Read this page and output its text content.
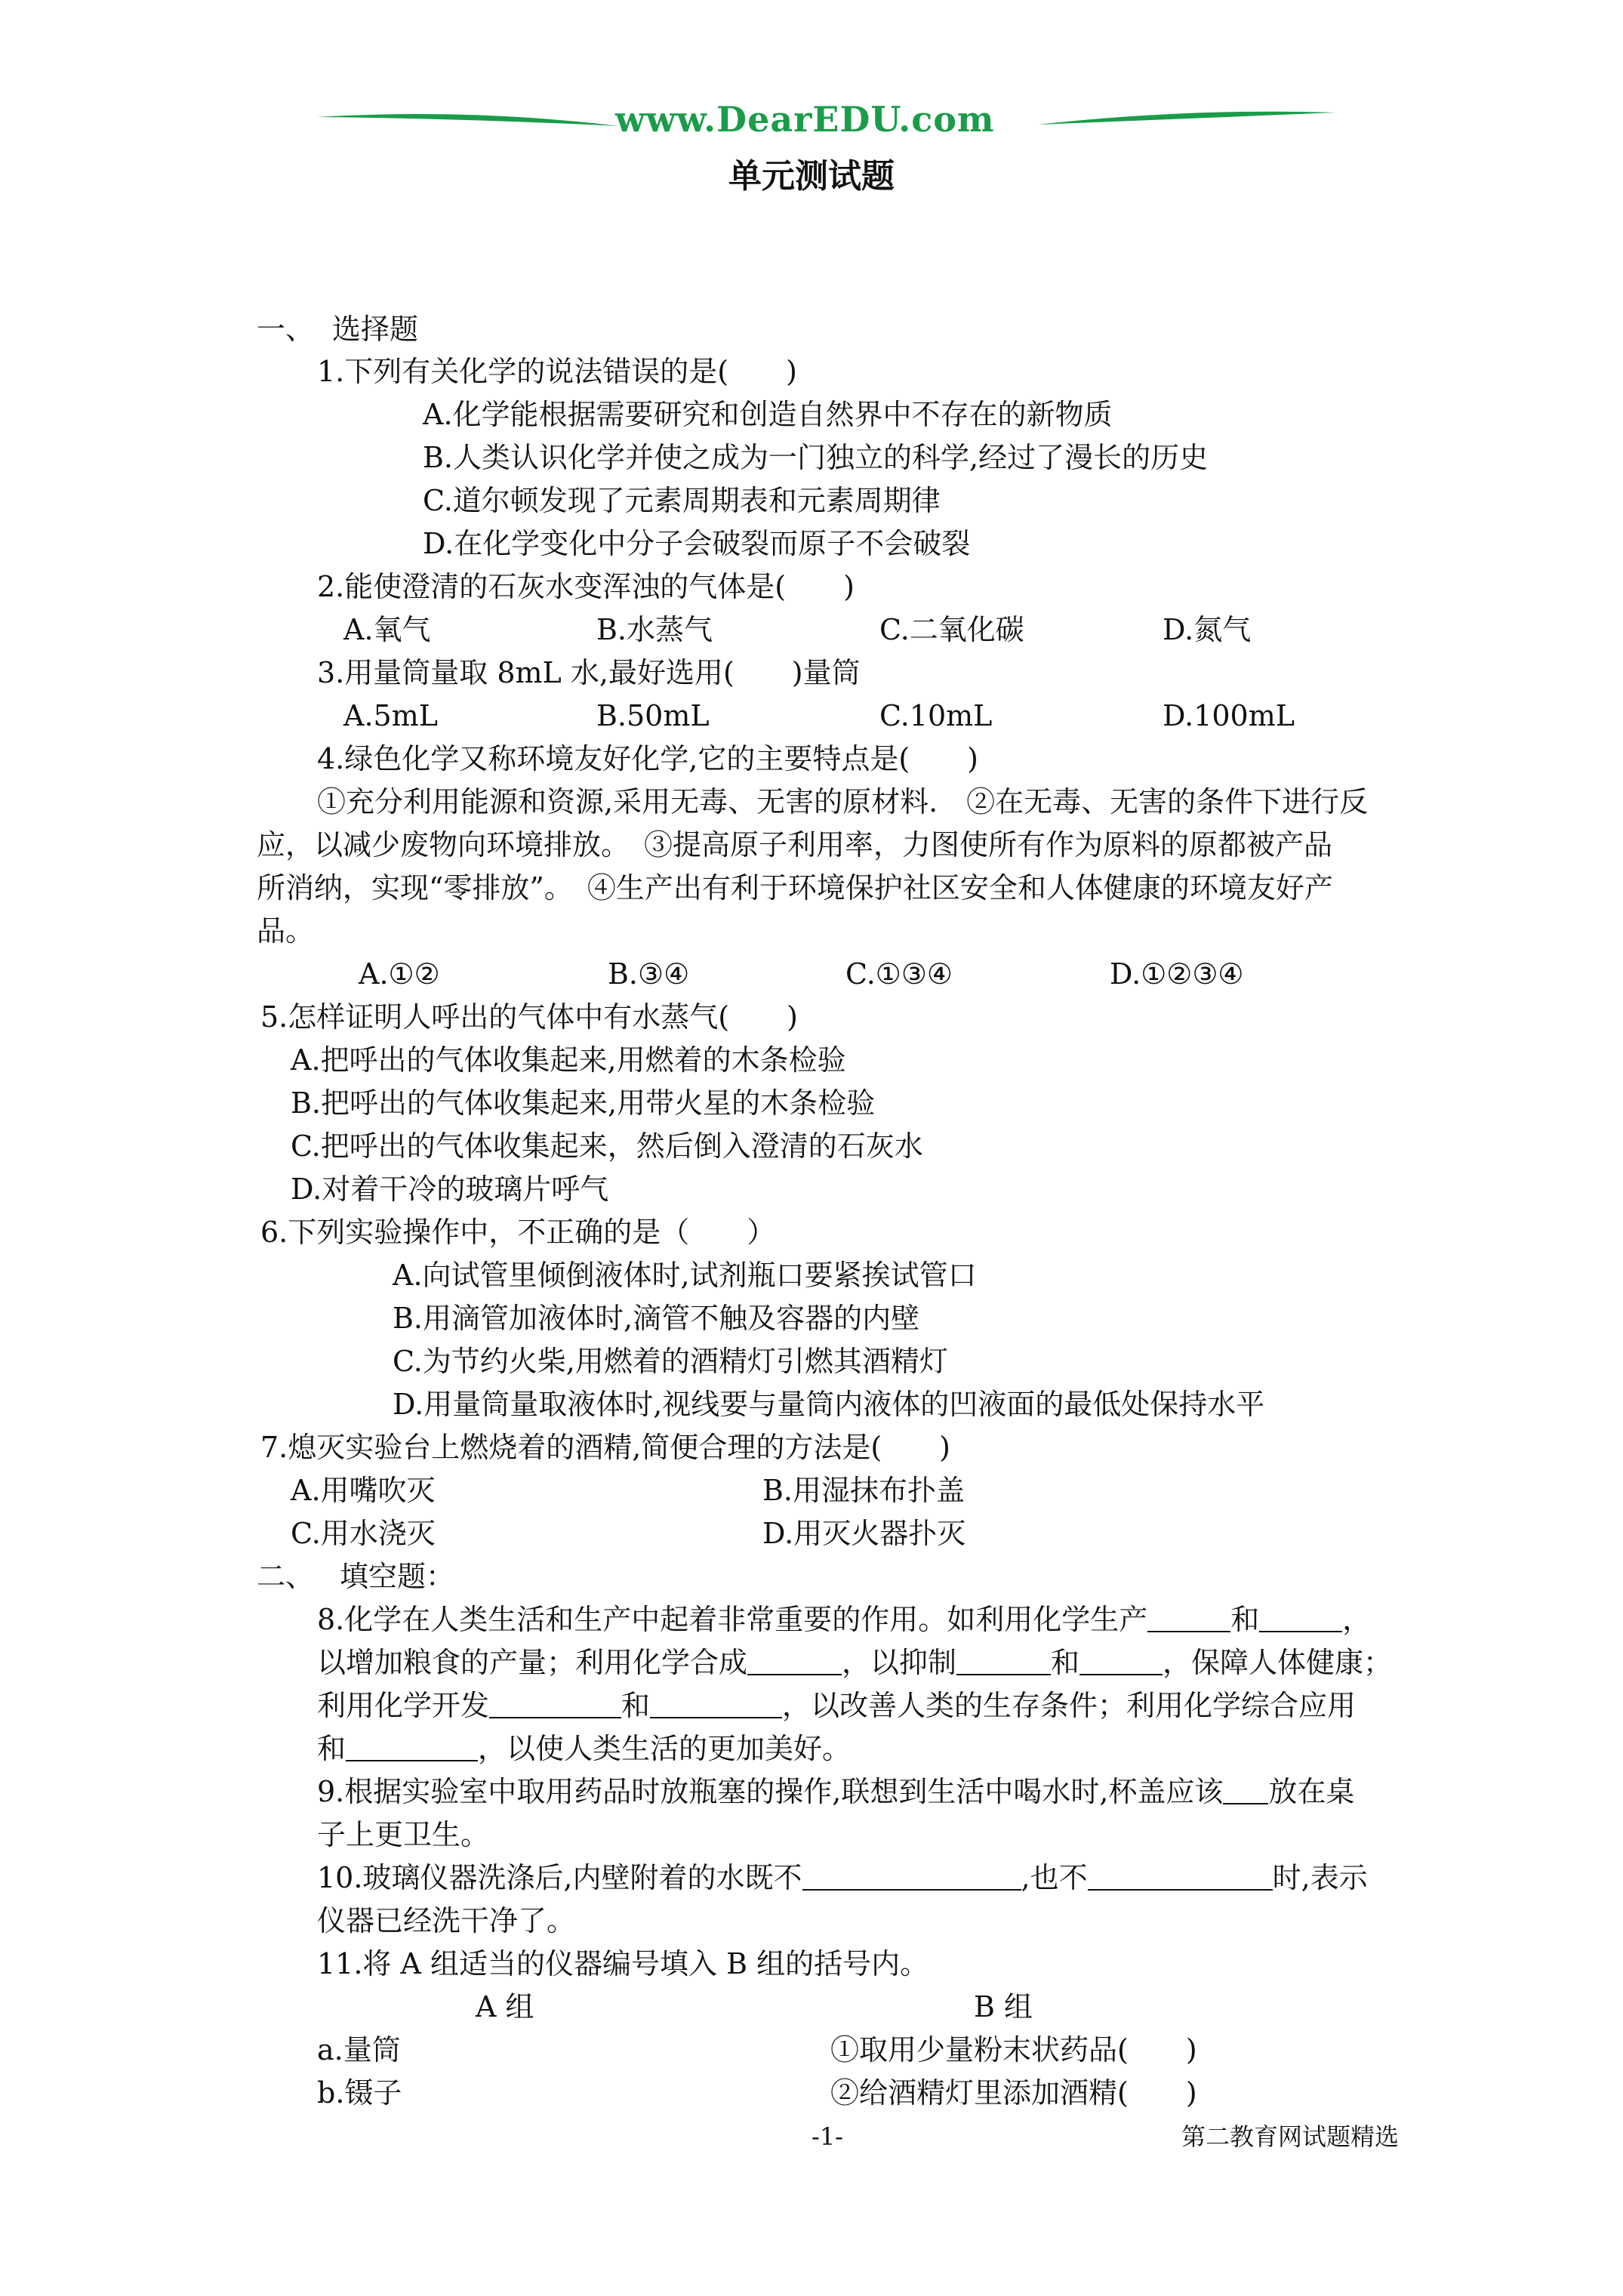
www.DearEDU.com
单元测试题
一、 选择题
1.下列有关化学的说法错误的是(　　)
A.化学能根据需要研究和创造自然界中不存在的新物质
B.人类认识化学并使之成为一门独立的科学,经过了漫长的历史
C.道尔顿发现了元素周期表和元素周期律
D.在化学变化中分子会破裂而原子不会破裂
2.能使澄清的石灰水变浑浊的气体是(　　)
A.氧气	B.水蒸气	C.二氧化碳	D.氮气
3.用量筒量取 8mL 水,最好选用(　　)量筒
A.5mL	B.50mL	C.10mL	D.100mL
4.绿色化学又称环境友好化学,它的主要特点是(　　)
①充分利用能源和资源,采用无毒、无害的原材料.　②在无毒、无害的条件下进行反
应，以减少废物向环境排放。　③提高原子利用率，力图使所有作为原料的原都被产品
所消纳，实现“零排放”。　④生产出有利于环境保护社区安全和人体健康的环境友好产
品。
A.①②	B.③④	C.①③④	D.①②③④
5.怎样证明人呼出的气体中有水蒸气(　　)
A.把呼出的气体收集起来,用燃着的木条检验
B.把呼出的气体收集起来,用带火星的木条检验
C.把呼出的气体收集起来，然后倒入澄清的石灰水
D.对着干冷的玻璃片呼气
6.下列实验操作中，不正确的是（　　）
A.向试管里倾倒液体时,试剂瓶口要紧挨试管口
B.用滴管加液体时,滴管不触及容器的内壁
C.为节约火柴,用燃着的酒精灯引燃其酒精灯
D.用量筒量取液体时,视线要与量筒内液体的凹液面的最低处保持水平
7.熄灭实验台上燃烧着的酒精,简便合理的方法是(　　)
A.用嘴吹灭	B.用湿抹布扑盖
C.用水浇灭	D.用灭火器扑灭
二、 填空题：
8.化学在人类生活和生产中起着非常重要的作用。如利用化学生产	和	，
以增加粮食的产量；利用化学合成	，以抑制	和	，保障人体健康；
利用化学开发	和	，以改善人类的生存条件；利用化学综合应用
和	，以使人类生活的更加美好。
9.根据实验室中取用药品时放瓶塞的操作,联想到生活中喝水时,杯盖应该 放在桌
子上更卫生。
10.玻璃仪器洗涤后,内壁附着的水既不	,也不	时,表示
仪器已经洗干净了。
11.将 A 组适当的仪器编号填入 B 组的括号内。
A 组	B 组
a.量筒	①取用少量粉末状药品(　　)
b.镊子	②给酒精灯里添加酒精(　　)
-1-	第二教育网试题精选
